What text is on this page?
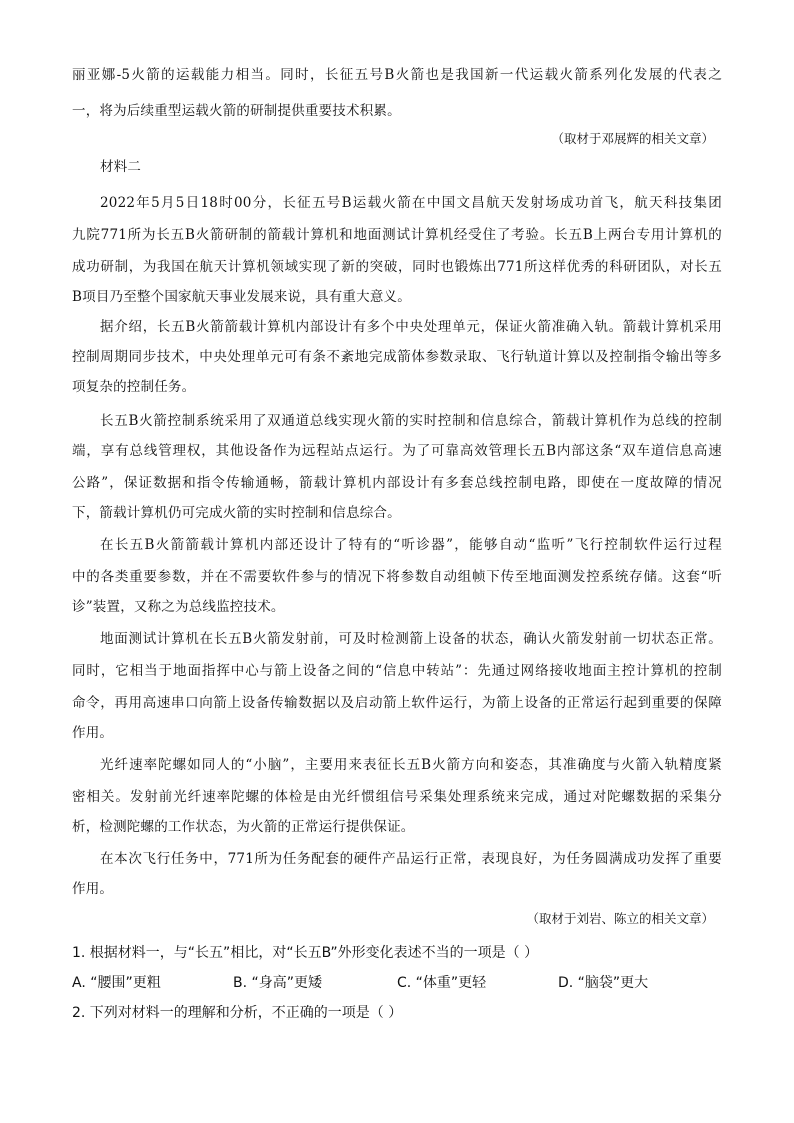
丽亚娜-5火箭的运载能力相当。同时，长征五号B火箭也是我国新一代运载火箭系列化发展的代表之
一，将为后续重型运载火箭的研制提供重要技术积累。
（取材于邓展辉的相关文章）
材料二
2022年5月5日18时00分，长征五号B运载火箭在中国文昌航天发射场成功首飞，航天科技集团
九院771所为长五B火箭研制的箭载计算机和地面测试计算机经受住了考验。长五B上两台专用计算机的
成功研制，为我国在航天计算机领域实现了新的突破，同时也锻炼出771所这样优秀的科研团队，对长五
B项目乃至整个国家航天事业发展来说，具有重大意义。
据介绍，长五B火箭箭载计算机内部设计有多个中央处理单元，保证火箭准确入轨。箭载计算机采用
控制周期同步技术，中央处理单元可有条不紊地完成箭体参数录取、飞行轨道计算以及控制指令输出等多
项复杂的控制任务。
长五B火箭控制系统采用了双通道总线实现火箭的实时控制和信息综合，箭载计算机作为总线的控制
端，享有总线管理权，其他设备作为远程站点运行。为了可靠高效管理长五B内部这条“双车道信息高速
公路”，保证数据和指令传输通畅，箭载计算机内部设计有多套总线控制电路，即使在一度故障的情况
下，箭载计算机仍可完成火箭的实时控制和信息综合。
在长五B火箭箭载计算机内部还设计了特有的“听诊器”，能够自动“监听”飞行控制软件运行过程
中的各类重要参数，并在不需要软件参与的情况下将参数自动组帧下传至地面测发控系统存储。这套“听
诊”装置，又称之为总线监控技术。
地面测试计算机在长五B火箭发射前，可及时检测箭上设备的状态，确认火箭发射前一切状态正常。
同时，它相当于地面指挥中心与箭上设备之间的“信息中转站”：先通过网络接收地面主控计算机的控制
命令，再用高速串口向箭上设备传输数据以及启动箭上软件运行，为箭上设备的正常运行起到重要的保障
作用。
光纤速率陀螺如同人的“小脑”，主要用来表征长五B火箭方向和姿态，其准确度与火箭入轨精度紧
密相关。发射前光纤速率陀螺的体检是由光纤惯组信号采集处理系统来完成，通过对陀螺数据的采集分
析，检测陀螺的工作状态，为火箭的正常运行提供保证。
在本次飞行任务中，771所为任务配套的硬件产品运行正常，表现良好，为任务圆满成功发挥了重要
作用。
（取材于刘岩、陈立的相关文章）
1. 根据材料一，与“长五”相比，对“长五B”外形变化表述不当的一项是（ ）
A. “腰围”更粗	B. “身高”更矮	C. “体重”更轻	D. “脑袋”更大
2. 下列对材料一的理解和分析，不正确的一项是（ ）
